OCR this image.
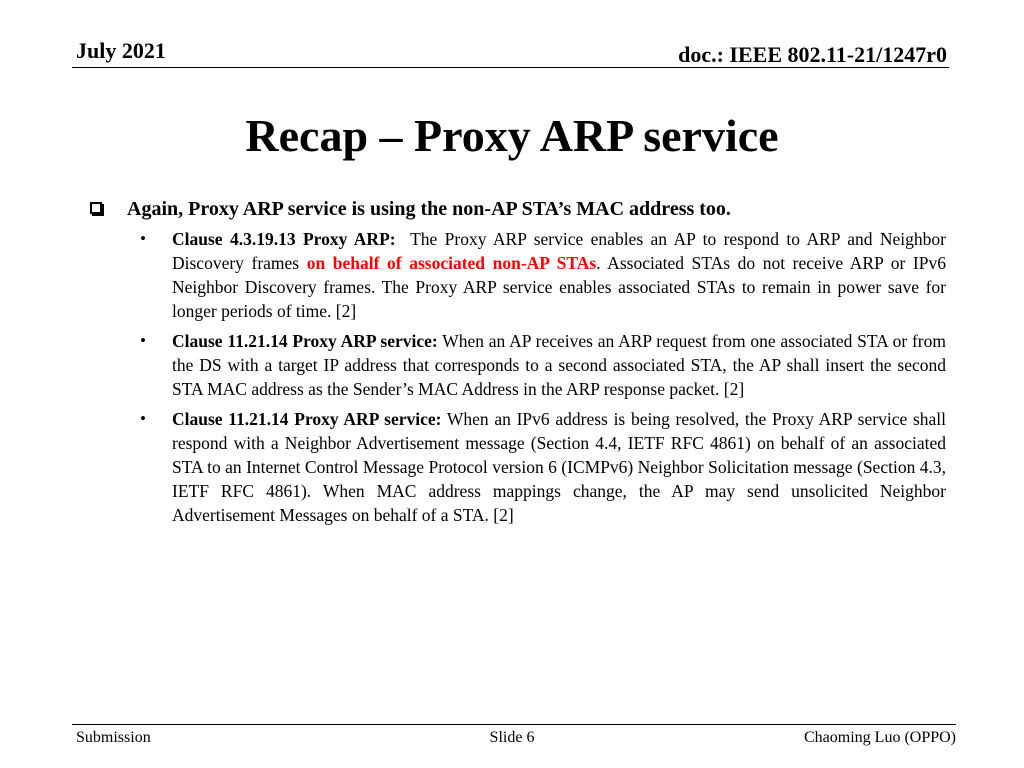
July 2021	doc.: IEEE 802.11-21/1247r0
Recap – Proxy ARP service
Again, Proxy ARP service is using the non-AP STA’s MAC address too.
• Clause 4.3.19.13 Proxy ARP: The Proxy ARP service enables an AP to respond to ARP and Neighbor Discovery frames on behalf of associated non-AP STAs. Associated STAs do not receive ARP or IPv6 Neighbor Discovery frames. The Proxy ARP service enables associated STAs to remain in power save for longer periods of time. [2]
• Clause 11.21.14 Proxy ARP service: When an AP receives an ARP request from one associated STA or from the DS with a target IP address that corresponds to a second associated STA, the AP shall insert the second STA MAC address as the Sender’s MAC Address in the ARP response packet. [2]
• Clause 11.21.14 Proxy ARP service: When an IPv6 address is being resolved, the Proxy ARP service shall respond with a Neighbor Advertisement message (Section 4.4, IETF RFC 4861) on behalf of an associated STA to an Internet Control Message Protocol version 6 (ICMPv6) Neighbor Solicitation message (Section 4.3, IETF RFC 4861). When MAC address mappings change, the AP may send unsolicited Neighbor Advertisement Messages on behalf of a STA. [2]
Submission	Slide 6	Chaoming Luo (OPPO)
